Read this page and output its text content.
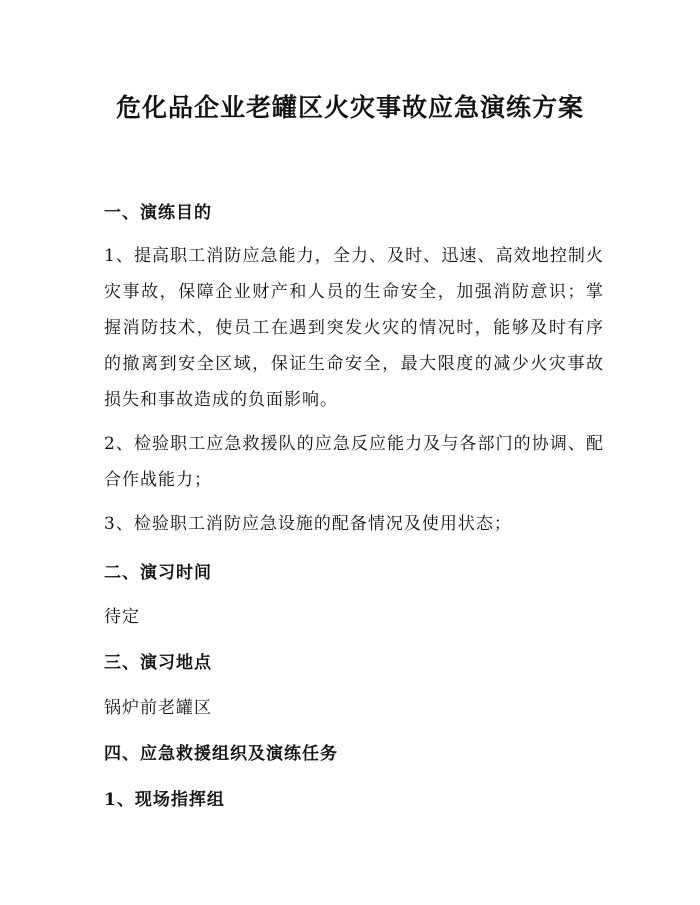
危化品企业老罐区火灾事故应急演练方案
一、演练目的
1、提高职工消防应急能力，全力、及时、迅速、高效地控制火灾事故，保障企业财产和人员的生命安全，加强消防意识；掌握消防技术，使员工在遇到突发火灾的情况时，能够及时有序的撤离到安全区域，保证生命安全，最大限度的减少火灾事故损失和事故造成的负面影响。
2、检验职工应急救援队的应急反应能力及与各部门的协调、配合作战能力；
3、检验职工消防应急设施的配备情况及使用状态；
二、演习时间
待定
三、演习地点
锅炉前老罐区
四、应急救援组织及演练任务
1、现场指挥组
